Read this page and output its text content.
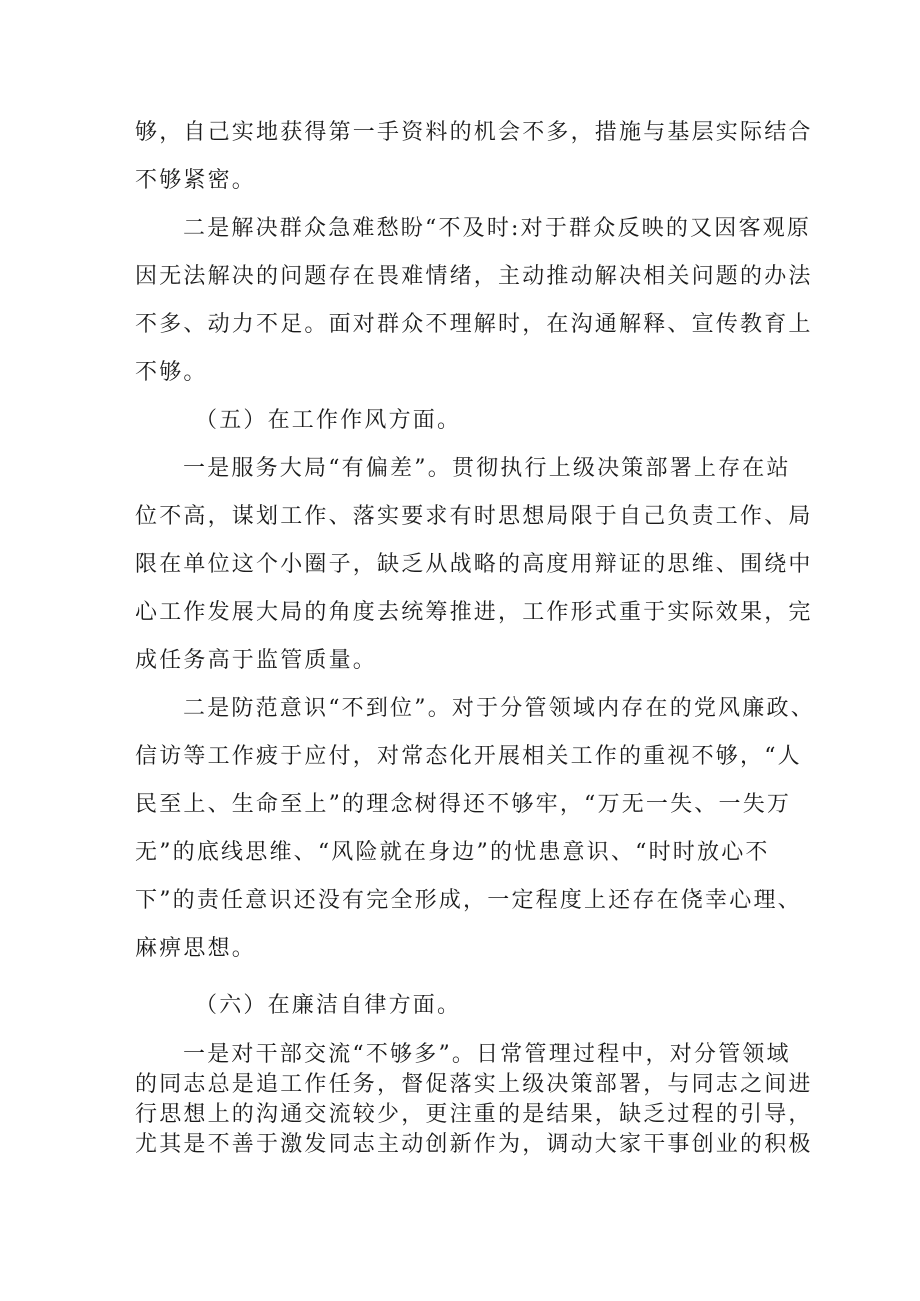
够，自己实地获得第一手资料的机会不多，措施与基层实际结合
不够紧密。

二是解决群众急难愁盼“不及时:对于群众反映的又因客观原
因无法解决的问题存在畏难情绪，主动推动解决相关问题的办法
不多、动力不足。面对群众不理解时，在沟通解释、宣传教育上
不够。

（五）在工作作风方面。

一是服务大局“有偏差”。贯彻执行上级决策部署上存在站
位不高，谋划工作、落实要求有时思想局限于自己负责工作、局
限在单位这个小圈子，缺乏从战略的高度用辩证的思维、围绕中
心工作发展大局的角度去统筹推进，工作形式重于实际效果，完
成任务高于监管质量。

二是防范意识“不到位”。对于分管领域内存在的党风廉政、
信访等工作疲于应付，对常态化开展相关工作的重视不够，“人
民至上、生命至上”的理念树得还不够牢，“万无一失、一失万
无”的底线思维、“风险就在身边”的忧患意识、“时时放心不
下”的责任意识还没有完全形成，一定程度上还存在侥幸心理、
麻痹思想。

（六）在廉洁自律方面。

一是对干部交流“不够多”。日常管理过程中，对分管领域
的同志总是追工作任务，督促落实上级决策部署，与同志之间进
行思想上的沟通交流较少，更注重的是结果，缺乏过程的引导，
尤其是不善于激发同志主动创新作为，调动大家干事创业的积极
